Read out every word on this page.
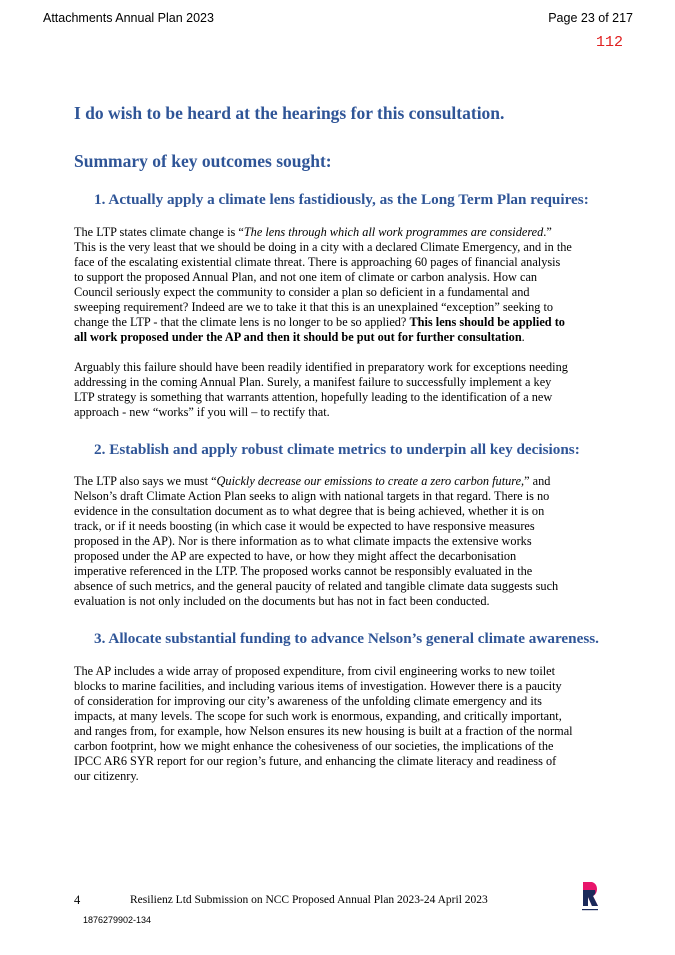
Attachments Annual Plan 2023	Page 23 of 217
112
I do wish to be heard at the hearings for this consultation.
Summary of key outcomes sought:
1. Actually apply a climate lens fastidiously, as the Long Term Plan requires:

The LTP states climate change is “The lens through which all work programmes are considered.”
This is the very least that we should be doing in a city with a declared Climate Emergency, and in the
face of the escalating existential climate threat. There is approaching 60 pages of financial analysis
to support the proposed Annual Plan, and not one item of climate or carbon analysis. How can
Council seriously expect the community to consider a plan so deficient in a fundamental and
sweeping requirement? Indeed are we to take it that this is an unexplained “exception” seeking to
change the LTP - that the climate lens is no longer to be so applied? This lens should be applied to
all work proposed under the AP and then it should be put out for further consultation.

Arguably this failure should have been readily identified in preparatory work for exceptions needing
addressing in the coming Annual Plan. Surely, a manifest failure to successfully implement a key
LTP strategy is something that warrants attention, hopefully leading to the identification of a new
approach - new “works” if you will – to rectify that.

2. Establish and apply robust climate metrics to underpin all key decisions:

The LTP also says we must “Quickly decrease our emissions to create a zero carbon future,” and
Nelson’s draft Climate Action Plan seeks to align with national targets in that regard. There is no
evidence in the consultation document as to what degree that is being achieved, whether it is on
track, or if it needs boosting (in which case it would be expected to have responsive measures
proposed in the AP). Nor is there information as to what climate impacts the extensive works
proposed under the AP are expected to have, or how they might affect the decarbonisation
imperative referenced in the LTP. The proposed works cannot be responsibly evaluated in the
absence of such metrics, and the general paucity of related and tangible climate data suggests such
evaluation is not only included on the documents but has not in fact been conducted.

3. Allocate substantial funding to advance Nelson’s general climate awareness.

The AP includes a wide array of proposed expenditure, from civil engineering works to new toilet
blocks to marine facilities, and including various items of investigation. However there is a paucity
of consideration for improving our city’s awareness of the unfolding climate emergency and its
impacts, at many levels. The scope for such work is enormous, expanding, and critically important,
and ranges from, for example, how Nelson ensures its new housing is built at a fraction of the normal
carbon footprint, how we might enhance the cohesiveness of our societies, the implications of the
IPCC AR6 SYR report for our region’s future, and enhancing the climate literacy and readiness of
our citizenry.

4	Resilienz Ltd Submission on NCC Proposed Annual Plan 2023-24 April 2023
1876279902-134
